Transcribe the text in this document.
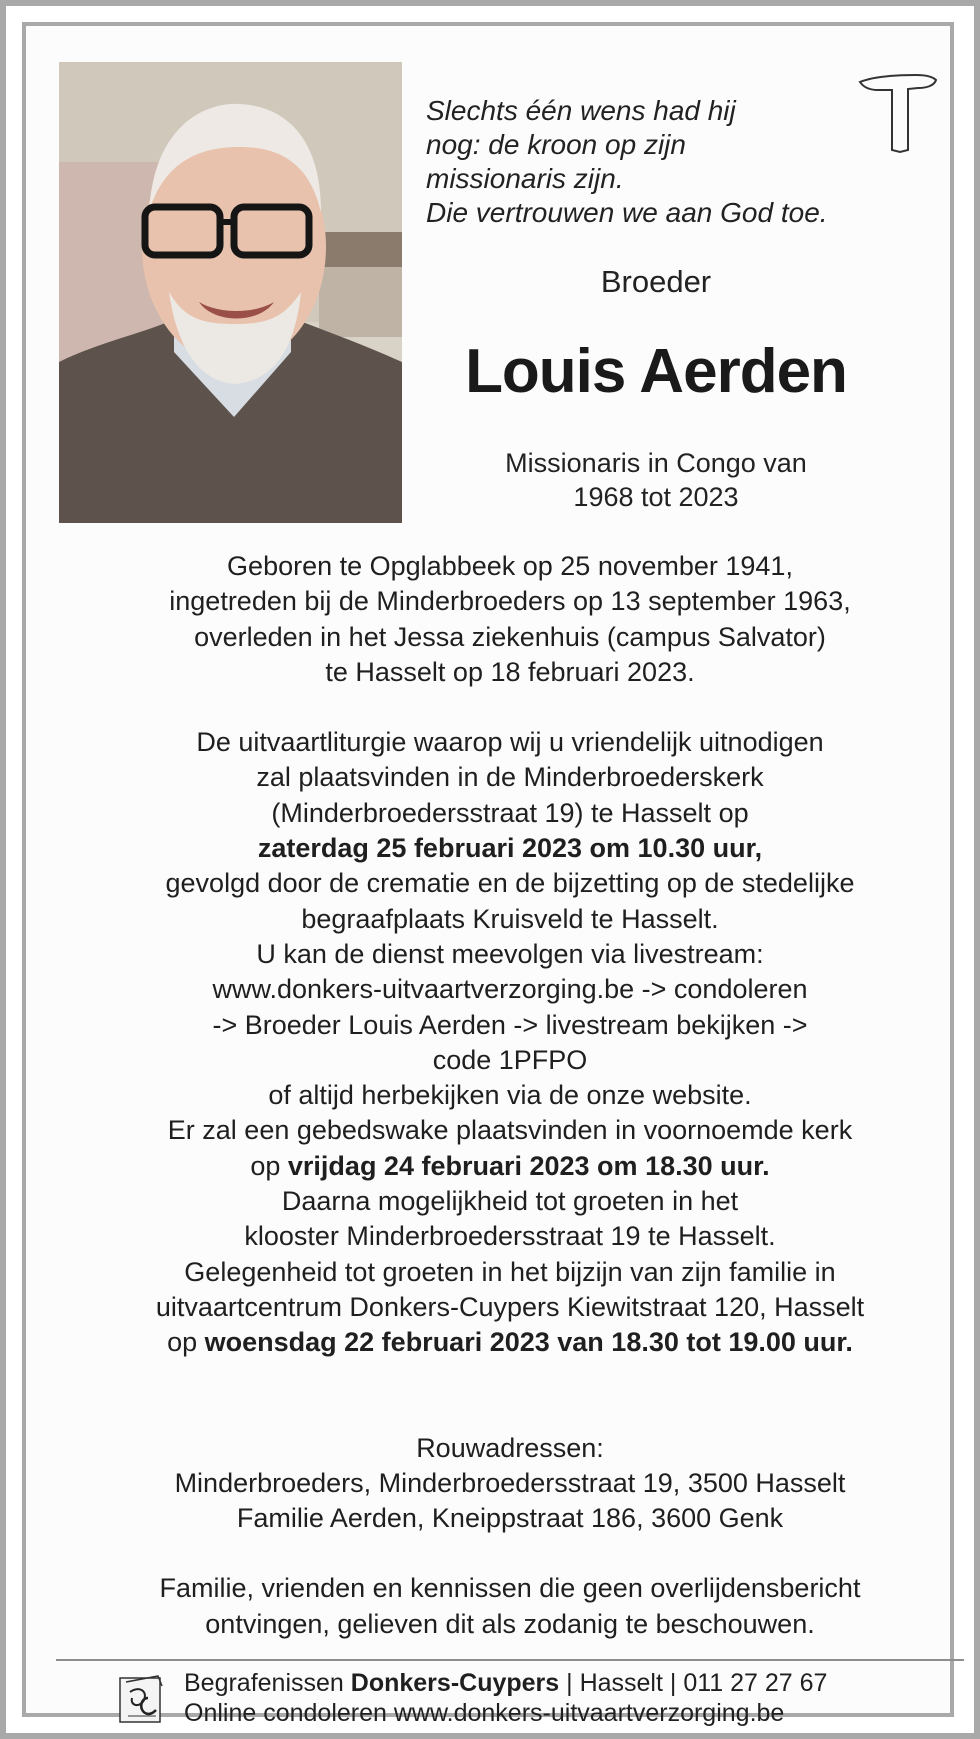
Slechts één wens had hij
nog: de kroon op zijn
missionaris zijn.
Die vertrouwen we aan God toe.
Broeder
Louis Aerden
Missionaris in Congo van
1968 tot 2023
Geboren te Opglabbeek op 25 november 1941,
ingetreden bij de Minderbroeders op 13 september 1963,
overleden in het Jessa ziekenhuis (campus Salvator)
te Hasselt op 18 februari 2023.
De uitvaartliturgie waarop wij u vriendelijk uitnodigen
zal plaatsvinden in de Minderbroederskerk
(Minderbroedersstraat 19) te Hasselt op
zaterdag 25 februari 2023 om 10.30 uur,
gevolgd door de crematie en de bijzetting op de stedelijke
begraafplaats Kruisveld te Hasselt.
U kan de dienst meevolgen via livestream:
www.donkers-uitvaartverzorging.be -> condoleren
-> Broeder Louis Aerden -> livestream bekijken ->
code 1PFPO
of altijd herbekijken via de onze website.
Er zal een gebedswake plaatsvinden in voornoemde kerk
op vrijdag 24 februari 2023 om 18.30 uur.
Daarna mogelijkheid tot groeten in het
klooster Minderbroedersstraat 19 te Hasselt.
Gelegenheid tot groeten in het bijzijn van zijn familie in
uitvaartcentrum Donkers-Cuypers Kiewitstraat 120, Hasselt
op woensdag 22 februari 2023 van 18.30 tot 19.00 uur.
Rouwadressen:
Minderbroeders, Minderbroedersstraat 19, 3500 Hasselt
Familie Aerden, Kneippstraat 186, 3600 Genk
Familie, vrienden en kennissen die geen overlijdensbericht
ontvingen, gelieven dit als zodanig te beschouwen.
Begrafenissen Donkers-Cuypers | Hasselt | 011 27 27 67
Online condoleren www.donkers-uitvaartverzorging.be
